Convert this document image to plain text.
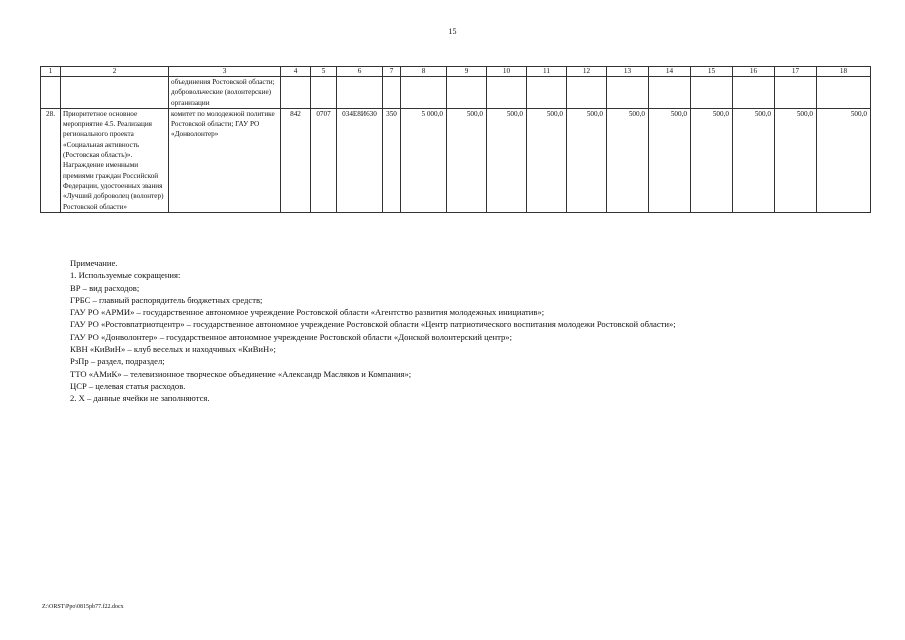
15
1	2	3	4	5	6	7	8	9	10	11	12	13	14	15	16	17	18
		объединения Ростовской области; добровольческие (волонтерские) организации															
28.	Приоритетное основное мероприятие 4.5. Реализация регионального проекта «Социальная активность (Ростовская область)». Награждение именными премиями граждан Российской Федерации, удостоенных звания «Лучший доброволец (волонтер) Ростовской области»	комитет по молодежной политике Ростовской области; ГАУ РО «Донволонтер»	842	0707	034E8И630	350	5 000,0	500,0	500,0	500,0	500,0	500,0	500,0	500,0	500,0	500,0	500,0
Примечание.
1. Используемые сокращения:
ВР – вид расходов;
ГРБС – главный распорядитель бюджетных средств;
ГАУ РО «АРМИ» – государственное автономное учреждение Ростовской области «Агентство развития молодежных инициатив»;
ГАУ РО «Ростовпатриотцентр» – государственное автономное учреждение Ростовской области «Центр патриотического воспитания молодежи Ростовской области»;
ГАУ РО «Донволонтер» – государственное автономное учреждение Ростовской области «Донской волонтерский центр»;
КВН «КиВиН» – клуб веселых и находчивых «КиВиН»;
РзПр – раздел, подраздел;
ТТО «АМиК» – телевизионное творческое объединение «Александр Масляков и Компания»;
ЦСР – целевая статья расходов.
2. Х – данные ячейки не заполняются.
Z:\ORST\Ppo\0815pb77.f22.docx
